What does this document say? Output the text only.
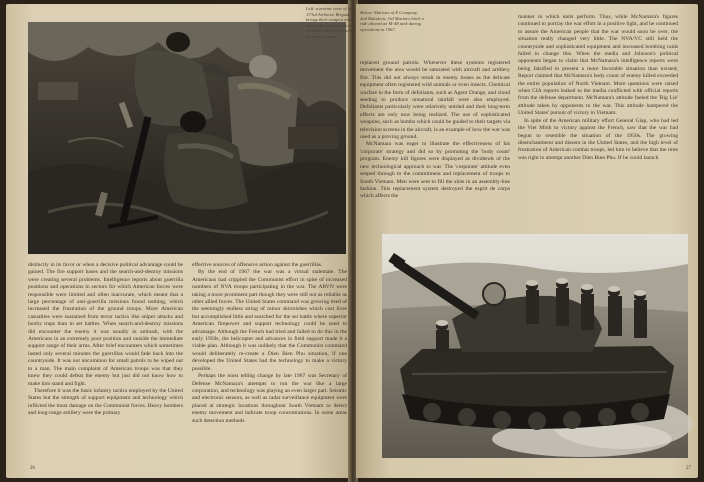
distinctly in its favor or when a decisive political advantage could be gained. The fire support bases and the search-and-destroy missions were creating several problems. Intelligence reports about guerrilla positions and operations in sectors for which American forces were responsible were limited and often inaccurate, which meant that a large percentage of anti-guerrilla missions found nothing, which increased the frustration of the ground troops. More American casualties were sustained from terror tactics like sniper attacks and booby traps than in set battles. When search-and-destroy missions did encounter the enemy it was usually in ambush, with the Americans in an extremely poor position and outside the immediate support range of their arms. After brief encounters which sometimes lasted only several minutes the guerrillas would fade back into the countryside. It was not uncommon for small patrols to be wiped out to a man. The main complaint of American troops was that they knew they could defeat the enemy but just did not know how to make him stand and fight.

Therefore it was the basic infantry tactics employed by the United States but the strength of support equipment and technology which inflicted the most damage on the Communist forces. Heavy bombers and long-range artillery were the primary

effective sources of offensive action against the guerrillas.

By the end of 1967 the war was a virtual stalemate. The Americans had crippled the Communist effort in spite of increased numbers of NVA troops participating in the war. The ARVN were taking a more prominent part though they were still not as reliable as other allied forces. The United States command was growing tired of the seemingly endless string of minor skirmishes which cost lives but accomplished little and searched for the set battle where superior American firepower and support technology could be used to advantage. Although the French had tried and failed to do this in the early 1950s, the helicopter and advances in field support made it a viable plan. Although it was unlikely that the Communist command would deliberately re-create a Dien Bien Phu situation, if one developed the United States had the technology to make a victory possible.

Perhaps the most telling change by late 1967 was Secretary of Defense McNamara's attempts to run the war like a large corporation, and technology was playing an even larger part. Seismic and electronic sensors, as well as radar surveillance equipment were placed at strategic locations throughout South Vietnam to detect enemy movement and indicate troop concentrations. In some areas such detection methods

26
Left: a mortar crew of the 173rd Airborne Brigade brings their weapon into action during Operation Junction City in the rainy monsoon season.
Below: Marines of E Company, 2nd Battalion, 3rd Marines hitch a ride aboard an M-48 tank during operations in 1967.

replaced ground patrols. Whenever these systems registered movement the area would be saturated with aircraft and artillery fire. This did not always result in enemy losses as the delicate equipment often registered wild animals or even insects. Chemical warfare in the form of defoliants, such as Agent Orange, and cloud seeding to produce unnatural rainfall were also employed. Defoliants particularly were relatively untried and their long-term effects are only now being realized. The use of sophisticated weapons, such as bombs which could be guided to their targets via television screens in the aircraft, is an example of how the war was used as a proving ground.

McNamara was eager to illustrate the effectiveness of his 'corporate' strategy and did so by promoting the 'body count' program. Enemy kill figures were displayed as dividends of the new technological approach to war. The 'corporate' attitude even seeped through to the commitment and replacement of troops to South Vietnam. Men were sent to fill the slots in an assembly-line fashion. This replacement system destroyed the esprit de corps which affects the

manner in which units perform. Thus, while McNamara's figures continued to portray the war effort in a positive light, and he continued to assure the American people that the war would soon be over, the situation really changed very little. The NVA/VC still held the countryside and sophisticated equipment and increased bombing raids failed to change this. When the media and Johnson's political opponents began to claim that McNamara's intelligence reports were being falsified to present a more favorable situation than existed, Report claimed that McNamara's body count of enemy killed exceeded the entire population of North Vietnam. More questions were raised when CIA reports leaked to the media conflicted with official reports from the defense department. McNamara's attitude fueled the 'Big Lie' attitude taken by opponents to the war. This attitude hampered the United States' pursuit of victory in Vietnam.

In spite of the American military effort General Giap, who had led the Viet Minh to victory against the French, saw that the war had begun to resemble the situation of the 1950s. The growing disenchantment and dissent in the United States, and the high level of frustration of American combat troops, led him to believe that the time was right to attempt another Dien Bien Phu. If he could launch

27
